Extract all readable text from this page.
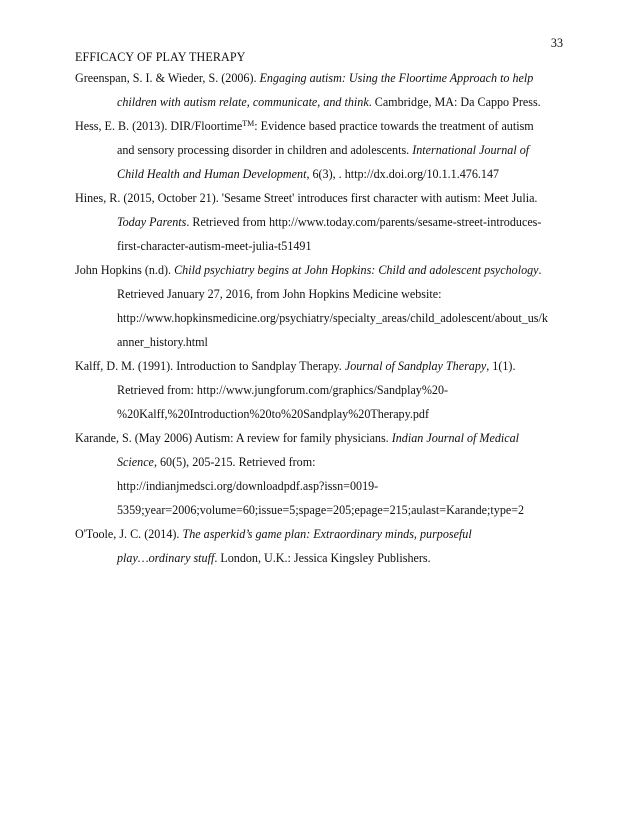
33
EFFICACY OF PLAY THERAPY
Greenspan, S. I. & Wieder, S. (2006). Engaging autism: Using the Floortime Approach to help
children with autism relate, communicate, and think. Cambridge, MA: Da Cappo Press.
Hess, E. B. (2013). DIR/Floortime™: Evidence based practice towards the treatment of autism
and sensory processing disorder in children and adolescents. International Journal of
Child Health and Human Development, 6(3), . http://dx.doi.org/10.1.1.476.147
Hines, R. (2015, October 21). 'Sesame Street' introduces first character with autism: Meet Julia.
Today Parents. Retrieved from http://www.today.com/parents/sesame-street-introduces-
first-character-autism-meet-julia-t51491
John Hopkins (n.d). Child psychiatry begins at John Hopkins: Child and adolescent psychology.
Retrieved January 27, 2016, from John Hopkins Medicine website:
http://www.hopkinsmedicine.org/psychiatry/specialty_areas/child_adolescent/about_us/k
anner_history.html
Kalff, D. M. (1991). Introduction to Sandplay Therapy. Journal of Sandplay Therapy, 1(1).
Retrieved from: http://www.jungforum.com/graphics/Sandplay%20-
%20Kalff,%20Introduction%20to%20Sandplay%20Therapy.pdf
Karande, S. (May 2006) Autism: A review for family physicians. Indian Journal of Medical
Science, 60(5), 205-215. Retrieved from:
http://indianjmedsci.org/downloadpdf.asp?issn=0019-
5359;year=2006;volume=60;issue=5;spage=205;epage=215;aulast=Karande;type=2
O'Toole, J. C. (2014). The asperkid’s game plan: Extraordinary minds, purposeful
play…ordinary stuff. London, U.K.: Jessica Kingsley Publishers.
